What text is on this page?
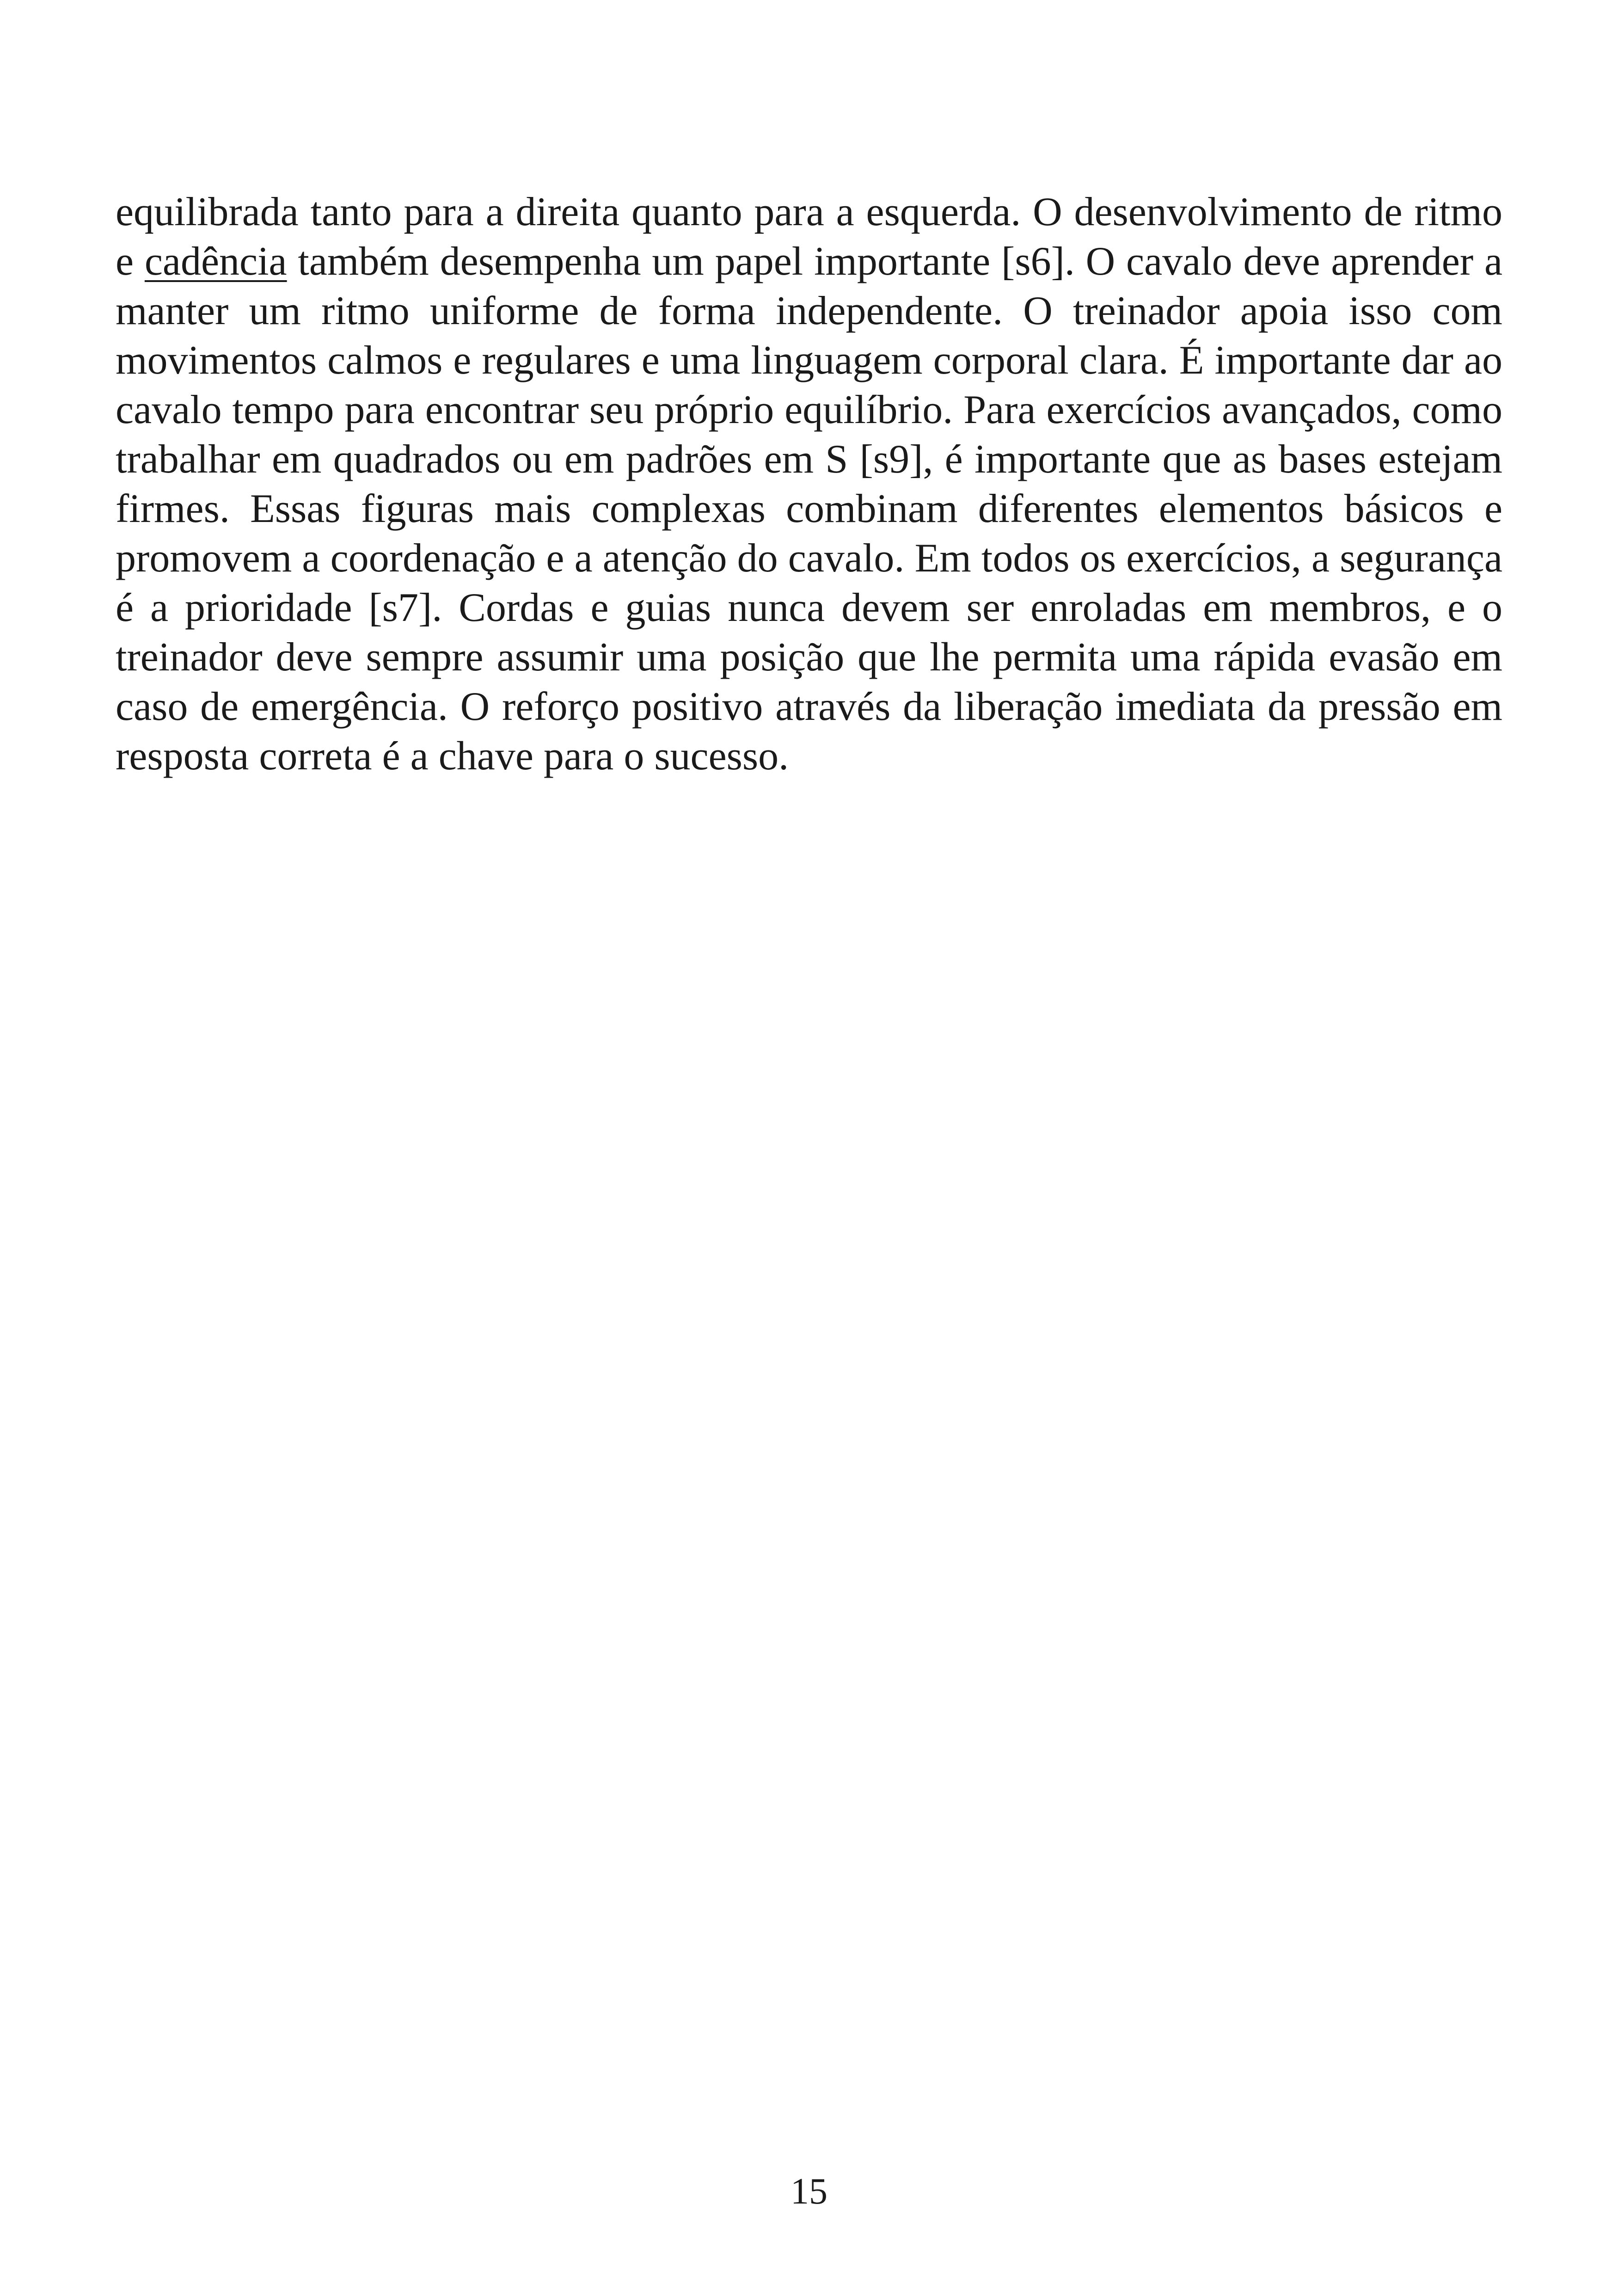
equilibrada tanto para a direita quanto para a esquerda. O desenvolvimento de ritmo e cadência também desempenha um papel importante [s6]. O cavalo deve aprender a manter um ritmo uniforme de forma independente. O treinador apoia isso com movimentos calmos e regulares e uma linguagem corporal clara. É importante dar ao cavalo tempo para encontrar seu próprio equilíbrio. Para exercícios avançados, como trabalhar em quadrados ou em padrões em S [s9], é importante que as bases estejam firmes. Essas figuras mais complexas combinam diferentes elementos básicos e promovem a coordenação e a atenção do cavalo. Em todos os exercícios, a segurança é a prioridade [s7]. Cordas e guias nunca devem ser enroladas em membros, e o treinador deve sempre assumir uma posição que lhe permita uma rápida evasão em caso de emergência. O reforço positivo através da liberação imediata da pressão em resposta correta é a chave para o sucesso.

15
